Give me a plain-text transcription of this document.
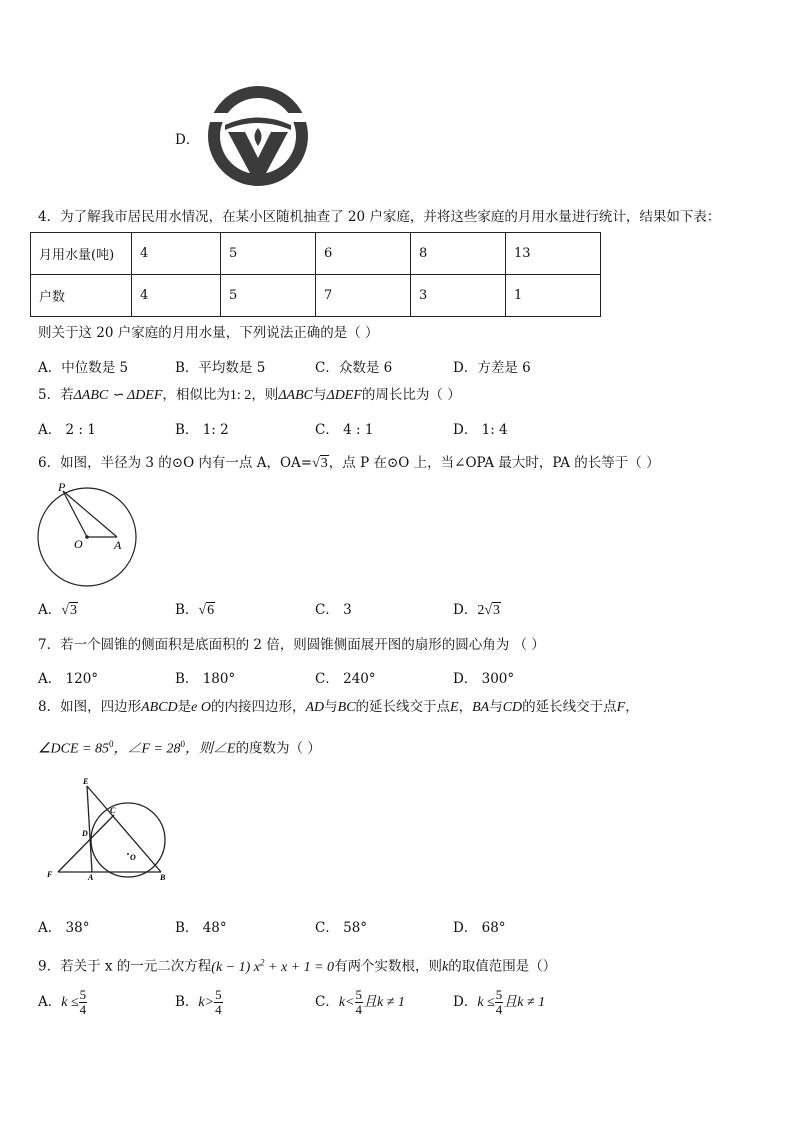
D．
4．为了解我市居民用水情况，在某小区随机抽查了 20 户家庭，并将这些家庭的月用水量进行统计，结果如下表：
月用水量(吨)	4	5	6	8	13
户数	4	5	7	3	1
则关于这 20 户家庭的月用水量，下列说法正确的是（ ）
A．中位数是 5	B．平均数是 5	C．众数是 6	D．方差是 6
5．若ΔABC ∽ ΔDEF，相似比为1: 2，则ΔABC与ΔDEF的周长比为（ ）
A． 2 : 1	B． 1: 2	C． 4 : 1	D． 1: 4
6．如图，半径为 3 的⊙O 内有一点 A，OA=√3，点 P 在⊙O 上，当∠OPA 最大时，PA 的长等于（ ）
P
O	A
A．√3	B．√6	C． 3	D．2√3
7．若一个圆锥的侧面积是底面积的 2 倍，则圆锥侧面展开图的扇形的圆心角为 （ ）
A． 120°	B． 180°	C． 240°	D． 300°
8．如图，四边形ABCD是e O的内接四边形，AD与BC的延长线交于点E，BA与CD的延长线交于点F，
∠DCE = $85^0$，∠F = $28^0$，则∠E的度数为（ ）
E
C
D
O
F	A	B
A． 38°	B． 48°	C． 58°	D． 68°
9．若关于 x 的一元二次方程(k − 1) $x^2 + x + 1 = 0$有两个实数根，则k的取值范围是（）
A．$k \le \frac{5}{4}$	B．$k> \frac{5}{4}$	C．$k< \frac{5}{4}$ 且k ≠ 1	D．$k \le \frac{5}{4}$ 且k ≠ 1
